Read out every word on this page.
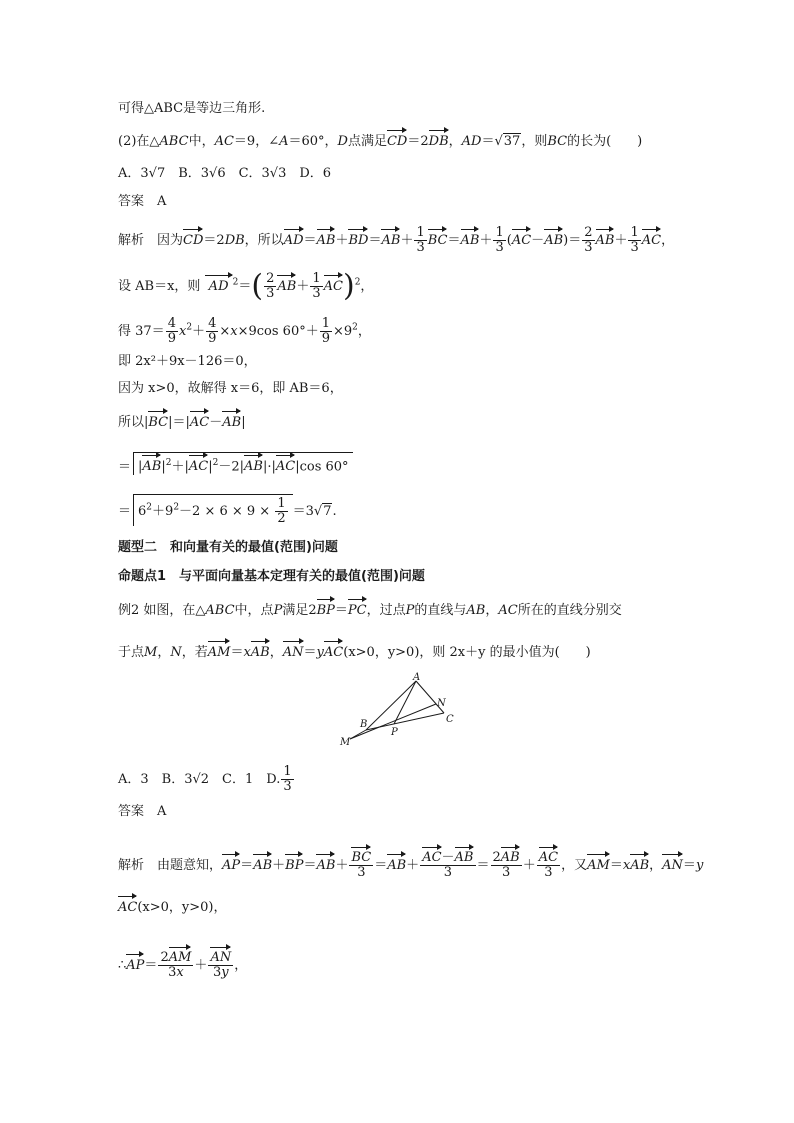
可得△ABC是等边三角形.
(2)在△ABC中，AC＝9，∠A＝60°，D点满足CD＝2DB，AD＝√37，则BC的长为(　　)
A．3√7　B．3√6　C．3√3　D．6
答案　A
解析　因为CD＝2DB，所以$AD=AB+BD=AB+ \frac{1}{3} BC=AB+ \frac{1}{3} (AC-AB)= \frac{2}{3} AB+ \frac{1}{3}$ AC，
设 AB＝x，则  AD $^2=( \frac{2}{3} AB+ \frac{1}{3} AC)^2$，
得 $37= \frac{4}{9} x^2+ \frac{4}{9} \times x\times 9\cos$ $60^\circ+ \frac{1}{9} \times 9^2$，
即 2x²＋9x－126＝0，
因为 x>0，故解得 x＝6，即 AB＝6，
所以|BC|＝|AC－AB|
＝ $|AB|^2+|AC|^2-2|AB|\cdot|AC|\cos$ 60°
＝ $6^2+9^2-2 \times 6 \times 9 \times \frac{1}{2} =3√7$.
题型二　和向量有关的最值(范围)问题
命题点1　与平面向量基本定理有关的最值(范围)问题
例2 如图，在△ABC中，点P满足2BP＝PC，过点P的直线与AB，AC所在的直线分别交
于点M，N，若AM＝xAB，AN＝yAC(x>0，y>0)，则 2x＋y 的最小值为(　　)
A
B	C
M
N
P
A．3　B．3√2　C．1　D. $\frac{1}{3}$
答案　A
解析　由题意知，$AP=AB+BP=AB+ \frac{BC}{3} =AB+ \frac{AC-AB}{3} = \frac{2AB}{3} + \frac{AC}{3}$ ，又AM＝xAB，AN＝y
AC(x>0，y>0)，
∴AP＝ $\frac{2AM}{3x} + \frac{AN}{3y}$ ，
